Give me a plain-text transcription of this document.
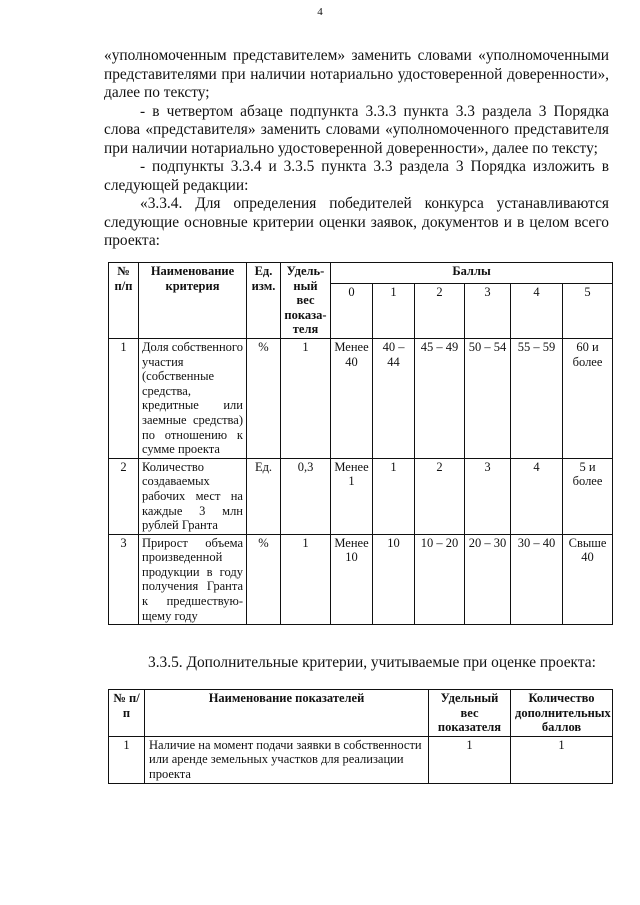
4

«уполномоченным представителем» заменить словами «уполномоченными представителями при наличии нотариально удостоверенной доверенности», далее по тексту;

- в четвертом абзаце подпункта 3.3.3 пункта 3.3 раздела 3 Порядка слова «представителя» заменить словами «уполномоченного представителя при наличии нотариально удостоверенной доверенности», далее по тексту;

- подпункты 3.3.4 и 3.3.5 пункта 3.3 раздела 3 Порядка изложить в следующей редакции:

«3.3.4. Для определения победителей конкурса устанавливаются следующие основные критерии оценки заявок, документов и в целом всего проекта:

№ п/п	Наименование критерия	Ед. изм.	Удель-ный вес показа-теля	Баллы					
				0	1	2	3	4	5
1	Доля собственного участия (собственные средства, кредитные или заемные средства) по отношению к сумме проекта	%	1	Менее 40	40 – 44	45 – 49	50 – 54	55 – 59	60 и более
2	Количество создаваемых рабочих мест на каждые 3 млн рублей Гранта	Ед.	0,3	Менее 1	1	2	3	4	5 и более
3	Прирост объема произведенной продукции в году получения Гранта к предшествую-щему году	%	1	Менее 10	10	10 – 20	20 – 30	30 – 40	Свыше 40
3.3.5. Дополнительные критерии, учитываемые при оценке проекта:
№ п/п	Наименование показателей	Удельный вес показателя	Количество дополнительных баллов
1	Наличие на момент подачи заявки в собственности или аренде земельных участков для реализации проекта	1	1
